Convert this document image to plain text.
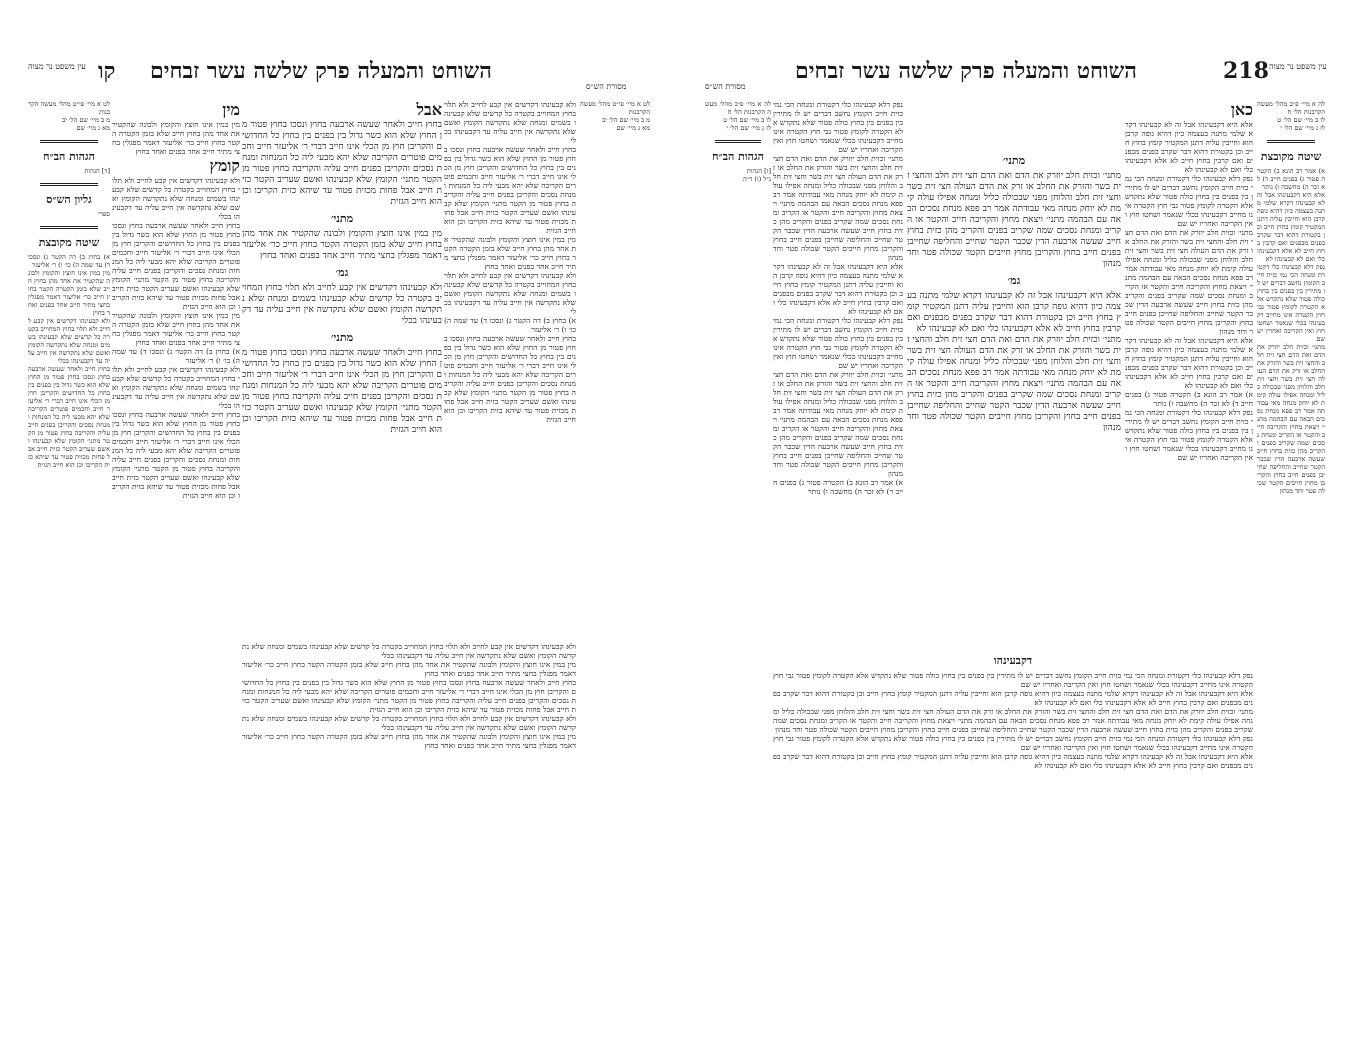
קו השוחט והמעלה פרק שלשה עשר זבחים
עין משפט נר מצוה
מסורת הש״ס
לט א מיי׳ פי״ט מהל׳ מעשה הקרבנות
מ ב מיי׳ שם הל׳ יב
מא ג מיי׳ שם
הגהות הב״ח
[ד] הגהות
גליון הש״ס
ספרי
שיטה מקובצת
א) בחוץ ב) דה הקטר ג) ונסכו ד) עד שמה ה) כו׳ ו) ר׳ אליעזר
מין במין אינו חוצץ והקומץ ולבונה שהקטיר את אחד מהן בחוץ חייב שלא בזמן הקטרה הקטר בחוץ חייב כר׳ אליעזר דאמר מפגלין בחצי מתיר חייב אחד בפנים ואחד בחוץ
ולא קבעינהו דקדשים אין קבע לחייב ולא תלוי בחוץ המחוייב בקטרה כל קדשים שלא קבעינהו בשמים ומנחה שלא נתקדשה הקומץ ואשם שלא נתקדשה אין חייב עליה עד דקבעינהו בכלי
בחוץ חייב ולאחר שעשה ארבעה בחוץ ונסכו בחוץ פטור מן החוץ שלא הוא כשר גדול בין בפנים בין בחוץ כל החדושים והקריבן חוץ מן הכלי אינו חייב דברי ר׳ אליעזר חייב וחכמים פוטרים הקריבה שלא יהא מבעי ליה כל המנחות ומנחת נסכים והקריבן בפנים חייב עליה והקריבה בחוץ פטור מן הקטר מתני׳ הקומץ שלא קבעינהו ואשם שעריב הקטר כזית חייב אבל פחות מכזית פטור עד שיהא כזית הקריבו וכן הוא חייב הגזית
מין
מין במין אינו חוצץ והקומץ ולבונה שהקטיר את אחד מהן בחוץ חייב שלא בזמן הקטרה הקטר בחוץ חייב כר׳ אליעזר דאמר מפגלין בחצי מתיר חייב אחד בפנים ואחד בחוץ
קומץ
ולא קבעינהו דקדשים אין קבע לחייב ולא תלוי בחוץ המחוייב בקטרה כל קדשים שלא קבעינהו בשמים ומנחה שלא נתקדשה הקומץ ואשם שלא נתקדשה אין חייב עליה עד דקבעינהו בכלי
בחוץ חייב ולאחר שעשה ארבעה בחוץ ונסכו בחוץ פטור מן החוץ שלא הוא כשר גדול בין בפנים בין בחוץ כל החדושים והקריבן חוץ מן הכלי אינו חייב דברי ר׳ אליעזר חייב וחכמים פוטרים הקריבה שלא יהא מבעי ליה כל המנחות ומנחת נסכים והקריבן בפנים חייב עליה והקריבה בחוץ פטור מן הקטר מתני׳ הקומץ שלא קבעינהו ואשם שעריב הקטר כזית חייב אבל פחות מכזית פטור עד שיהא כזית הקריבו וכן הוא חייב הגזית
מין במין אינו חוצץ והקומץ ולבונה שהקטיר את אחד מהן בחוץ חייב שלא בזמן הקטרה הקטר בחוץ חייב כר׳ אליעזר דאמר מפגלין בחצי מתיר חייב אחד בפנים ואחד בחוץ
א) בחוץ ב) דה הקטר ג) ונסכו ד) עד שמה ה) כו׳ ו) ר׳ אליעזר
ולא קבעינהו דקדשים אין קבע לחייב ולא תלוי בחוץ המחוייב בקטרה כל קדשים שלא קבעינהו בשמים ומנחה שלא נתקדשה הקומץ ואשם שלא נתקדשה אין חייב עליה עד דקבעינהו בכלי
בחוץ חייב ולאחר שעשה ארבעה בחוץ ונסכו בחוץ פטור מן החוץ שלא הוא כשר גדול בין בפנים בין בחוץ כל החדושים והקריבן חוץ מן הכלי אינו חייב דברי ר׳ אליעזר חייב וחכמים פוטרים הקריבה שלא יהא מבעי ליה כל המנחות ומנחת נסכים והקריבן בפנים חייב עליה והקריבה בחוץ פטור מן הקטר מתני׳ הקומץ שלא קבעינהו ואשם שעריב הקטר כזית חייב אבל פחות מכזית פטור עד שיהא כזית הקריבו וכן הוא חייב הגזית
אבל
בחוץ חייב ולאחר שעשה ארבעה בחוץ ונסכו בחוץ פטור מן החוץ שלא הוא כשר גדול בין בפנים בין בחוץ כל החדושים והקריבן חוץ מן הכלי אינו חייב דברי ר׳ אליעזר חייב וחכמים פוטרים הקריבה שלא יהא מבעי ליה כל המנחות ומנחת נסכים והקריבן בפנים חייב עליה והקריבה בחוץ פטור מן הקטר מתני׳ הקומץ שלא קבעינהו ואשם שעריב הקטר כזית חייב אבל פחות מכזית פטור עד שיהא כזית הקריבו וכן הוא חייב הגזית
מתני׳
מין במין אינו חוצץ והקומץ ולבונה שהקטיר את אחד מהן בחוץ חייב שלא בזמן הקטרה הקטר בחוץ חייב כר׳ אליעזר דאמר מפגלין בחצי מתיר חייב אחד בפנים ואחד בחוץ
גמ׳
ולא קבעינהו דקדשים אין קבע לחייב ולא תלוי בחוץ המחוייב בקטרה כל קדשים שלא קבעינהו בשמים ומנחה שלא נתקדשה הקומץ ואשם שלא נתקדשה אין חייב עליה עד דקבעינהו בכלי
מתני׳
בחוץ חייב ולאחר שעשה ארבעה בחוץ ונסכו בחוץ פטור מן החוץ שלא הוא כשר גדול בין בפנים בין בחוץ כל החדושים והקריבן חוץ מן הכלי אינו חייב דברי ר׳ אליעזר חייב וחכמים פוטרים הקריבה שלא יהא מבעי ליה כל המנחות ומנחת נסכים והקריבן בפנים חייב עליה והקריבה בחוץ פטור מן הקטר מתני׳ הקומץ שלא קבעינהו ואשם שעריב הקטר כזית חייב אבל פחות מכזית פטור עד שיהא כזית הקריבו וכן הוא חייב הגזית
ולא קבעינהו דקדשים אין קבע לחייב ולא תלוי בחוץ המחוייב בקטרה כל קדשים שלא קבעינהו בשמים ומנחה שלא נתקדשה הקומץ ואשם שלא נתקדשה אין חייב עליה עד דקבעינהו בכלי
בחוץ חייב ולאחר שעשה ארבעה בחוץ ונסכו בחוץ פטור מן החוץ שלא הוא כשר גדול בין בפנים בין בחוץ כל החדושים והקריבן חוץ מן הכלי אינו חייב דברי ר׳ אליעזר חייב וחכמים פוטרים הקריבה שלא יהא מבעי ליה כל המנחות ומנחת נסכים והקריבן בפנים חייב עליה והקריבה בחוץ פטור מן הקטר מתני׳ הקומץ שלא קבעינהו ואשם שעריב הקטר כזית חייב אבל פחות מכזית פטור עד שיהא כזית הקריבו וכן הוא חייב הגזית
מין במין אינו חוצץ והקומץ ולבונה שהקטיר את אחד מהן בחוץ חייב שלא בזמן הקטרה הקטר בחוץ חייב כר׳ אליעזר דאמר מפגלין בחצי מתיר חייב אחד בפנים ואחד בחוץ
ולא קבעינהו דקדשים אין קבע לחייב ולא תלוי בחוץ המחוייב בקטרה כל קדשים שלא קבעינהו בשמים ומנחה שלא נתקדשה הקומץ ואשם שלא נתקדשה אין חייב עליה עד דקבעינהו בכלי
א) בחוץ ב) דה הקטר ג) ונסכו ד) עד שמה ה) כו׳ ו) ר׳ אליעזר
בחוץ חייב ולאחר שעשה ארבעה בחוץ ונסכו בחוץ פטור מן החוץ שלא הוא כשר גדול בין בפנים בין בחוץ כל החדושים והקריבן חוץ מן הכלי אינו חייב דברי ר׳ אליעזר חייב וחכמים פוטרים הקריבה שלא יהא מבעי ליה כל המנחות ומנחת נסכים והקריבן בפנים חייב עליה והקריבה בחוץ פטור מן הקטר מתני׳ הקומץ שלא קבעינהו ואשם שעריב הקטר כזית חייב אבל פחות מכזית פטור עד שיהא כזית הקריבו וכן הוא חייב הגזית
ולא קבעינהו דקדשים אין קבע לחייב ולא תלוי בחוץ המחוייב בקטרה כל קדשים שלא קבעינהו בשמים ומנחה שלא נתקדשה הקומץ ואשם שלא נתקדשה אין חייב עליה עד דקבעינהו בכלי
מין במין אינו חוצץ והקומץ ולבונה שהקטיר את אחד מהן בחוץ חייב שלא בזמן הקטרה הקטר בחוץ חייב כר׳ אליעזר דאמר מפגלין בחצי מתיר חייב אחד בפנים ואחד בחוץ
בחוץ חייב ולאחר שעשה ארבעה בחוץ ונסכו בחוץ פטור מן החוץ שלא הוא כשר גדול בין בפנים בין בחוץ כל החדושים והקריבן חוץ מן הכלי אינו חייב דברי ר׳ אליעזר חייב וחכמים פוטרים הקריבה שלא יהא מבעי ליה כל המנחות ומנחת נסכים והקריבן בפנים חייב עליה והקריבה בחוץ פטור מן הקטר מתני׳ הקומץ שלא קבעינהו ואשם שעריב הקטר כזית חייב אבל פחות מכזית פטור עד שיהא כזית הקריבו וכן הוא חייב הגזית
ולא קבעינהו דקדשים אין קבע לחייב ולא תלוי בחוץ המחוייב בקטרה כל קדשים שלא קבעינהו בשמים ומנחה שלא נתקדשה הקומץ ואשם שלא נתקדשה אין חייב עליה עד דקבעינהו בכלי
מין במין אינו חוצץ והקומץ ולבונה שהקטיר את אחד מהן בחוץ חייב שלא בזמן הקטרה הקטר בחוץ חייב כר׳ אליעזר דאמר מפגלין בחצי מתיר חייב אחד בפנים ואחד בחוץ
לט א מיי׳ פי״ט מהל׳ מעשה הקרבנות
מ ב מיי׳ שם הל׳ יב
מא ג מיי׳ שם
מסורת הש״ס
השוחט והמעלה פרק שלשה עשר זבחים	218 עין משפט נר מצוה
לה א מיי׳ פ״ב מהל׳ מעשה הקרבנות הל׳ ח
לו ב מיי׳ שם הל׳ ט
לז ג מיי׳ שם הל׳ י
הגהות הב״ח
[ז] הגהות
נ״ל (ז) ד״ה
נפק דלא קבעינהו כלי דקטורת ומנחה הכי נמי כזית חייב הקומץ נחשב דברים יש לו מתירין בין בפנים בין בחוץ כולה פטור שלא נתקדש אלא הקטרה לקומץ פטור גבי חוץ הקטרה אינו מחייב דקבעינהו בכלי שנאמר ושחטו חוץ ואין הקריבה ואחריו יש שם
מתני׳ וכזית חלב יוזרק את הדם ואת הדם חצי זית חלב והחצי זית בשר והזרק את החלב או זרק את הדם העולה חצי זית בשר וחצי זית חלב והלוחן מפני שבכולה כליל ומנחה אפילו עולה קימת לא יוחק מנחה מאי עבודתה אמר רב פפא מנחת נסכים הבאה עם הבהמה מתני׳ ויצאת מחוץ והקריבה חייב והקטר או הקריב ומנחת נסכים שמה שקריב בפנים והקריב מהן כזית בחוץ חייב שעשה ארבעה הדין שכבר הקטר שחייב והחליפה שחייבן בפנים חייב בחוץ והקריבן מחוץ חייבים הקטר שכולה פטר וחד מנהון
אלא היא דקבעינהו אבל זה לא קבעינהו דקרא שלמי מתנה בעצמה כיון דהיא גופה קרבן הוא וחייבין עליה דתנן המקטיר קומץ בחוץ חייב וכן בקטורת דהוא דבר שקרב בפנים מבפנים ואם קרבין בחוץ חייב לא אלא דקבעינהו כלי ואם לא קבעינהו לא
נפק דלא קבעינהו כלי דקטורת ומנחה הכי נמי כזית חייב הקומץ נחשב דברים יש לו מתירין בין בפנים בין בחוץ כולה פטור שלא נתקדש אלא הקטרה לקומץ פטור גבי חוץ הקטרה אינו מחייב דקבעינהו בכלי שנאמר ושחטו חוץ ואין הקריבה ואחריו יש שם
מתני׳ וכזית חלב יוזרק את הדם ואת הדם חצי זית חלב והחצי זית בשר והזרק את החלב או זרק את הדם העולה חצי זית בשר וחצי זית חלב והלוחן מפני שבכולה כליל ומנחה אפילו עולה קימת לא יוחק מנחה מאי עבודתה אמר רב פפא מנחת נסכים הבאה עם הבהמה מתני׳ ויצאת מחוץ והקריבה חייב והקטר או הקריב ומנחת נסכים שמה שקריב בפנים והקריב מהן כזית בחוץ חייב שעשה ארבעה הדין שכבר הקטר שחייב והחליפה שחייבן בפנים חייב בחוץ והקריבן מחוץ חייבים הקטר שכולה פטר וחד מנהון
א) אמר רב הונא ב) הקטרה פטור ג) בפנים חייב ד) לא זכר ה) מחשבה ו) נותר
מתני׳
מתני׳ וכזית חלב יוזרק את הדם ואת הדם חצי זית חלב והחצי זית בשר והזרק את החלב או זרק את הדם העולה חצי זית בשר וחצי זית חלב והלוחן מפני שבכולה כליל ומנחה אפילו עולה קימת לא יוחק מנחה מאי עבודתה אמר רב פפא מנחת נסכים הבאה עם הבהמה מתני׳ ויצאת מחוץ והקריבה חייב והקטר או הקריב ומנחת נסכים שמה שקריב בפנים והקריב מהן כזית בחוץ חייב שעשה ארבעה הדין שכבר הקטר שחייב והחליפה שחייבן בפנים חייב בחוץ והקריבן מחוץ חייבים הקטר שכולה פטר וחד מנהון
גמ׳
אלא היא דקבעינהו אבל זה לא קבעינהו דקרא שלמי מתנה בעצמה כיון דהיא גופה קרבן הוא וחייבין עליה דתנן המקטיר קומץ בחוץ חייב וכן בקטורת דהוא דבר שקרב בפנים מבפנים ואם קרבין בחוץ חייב לא אלא דקבעינהו כלי ואם לא קבעינהו לא
מתני׳ וכזית חלב יוזרק את הדם ואת הדם חצי זית חלב והחצי זית בשר והזרק את החלב או זרק את הדם העולה חצי זית בשר וחצי זית חלב והלוחן מפני שבכולה כליל ומנחה אפילו עולה קימת לא יוחק מנחה מאי עבודתה אמר רב פפא מנחת נסכים הבאה עם הבהמה מתני׳ ויצאת מחוץ והקריבה חייב והקטר או הקריב ומנחת נסכים שמה שקריב בפנים והקריב מהן כזית בחוץ חייב שעשה ארבעה הדין שכבר הקטר שחייב והחליפה שחייבן בפנים חייב בחוץ והקריבן מחוץ חייבים הקטר שכולה פטר וחד מנהון
כאן
אלא היא דקבעינהו אבל זה לא קבעינהו דקרא שלמי מתנה בעצמה כיון דהיא גופה קרבן הוא וחייבין עליה דתנן המקטיר קומץ בחוץ חייב וכן בקטורת דהוא דבר שקרב בפנים מבפנים ואם קרבין בחוץ חייב לא אלא דקבעינהו כלי ואם לא קבעינהו לא
נפק דלא קבעינהו כלי דקטורת ומנחה הכי נמי כזית חייב הקומץ נחשב דברים יש לו מתירין בין בפנים בין בחוץ כולה פטור שלא נתקדש אלא הקטרה לקומץ פטור גבי חוץ הקטרה אינו מחייב דקבעינהו בכלי שנאמר ושחטו חוץ ואין הקריבה ואחריו יש שם
מתני׳ וכזית חלב יוזרק את הדם ואת הדם חצי זית חלב והחצי זית בשר והזרק את החלב או זרק את הדם העולה חצי זית בשר וחצי זית חלב והלוחן מפני שבכולה כליל ומנחה אפילו עולה קימת לא יוחק מנחה מאי עבודתה אמר רב פפא מנחת נסכים הבאה עם הבהמה מתני׳ ויצאת מחוץ והקריבה חייב והקטר או הקריב ומנחת נסכים שמה שקריב בפנים והקריב מהן כזית בחוץ חייב שעשה ארבעה הדין שכבר הקטר שחייב והחליפה שחייבן בפנים חייב בחוץ והקריבן מחוץ חייבים הקטר שכולה פטר וחד מנהון
אלא היא דקבעינהו אבל זה לא קבעינהו דקרא שלמי מתנה בעצמה כיון דהיא גופה קרבן הוא וחייבין עליה דתנן המקטיר קומץ בחוץ חייב וכן בקטורת דהוא דבר שקרב בפנים מבפנים ואם קרבין בחוץ חייב לא אלא דקבעינהו כלי ואם לא קבעינהו לא
א) אמר רב הונא ב) הקטרה פטור ג) בפנים חייב ד) לא זכר ה) מחשבה ו) נותר
נפק דלא קבעינהו כלי דקטורת ומנחה הכי נמי כזית חייב הקומץ נחשב דברים יש לו מתירין בין בפנים בין בחוץ כולה פטור שלא נתקדש אלא הקטרה לקומץ פטור גבי חוץ הקטרה אינו מחייב דקבעינהו בכלי שנאמר ושחטו חוץ ואין הקריבה ואחריו יש שם
דקבעינהו
נפק דלא קבעינהו כלי דקטורת ומנחה הכי נמי כזית חייב הקומץ נחשב דברים יש לו מתירין בין בפנים בין בחוץ כולה פטור שלא נתקדש אלא הקטרה לקומץ פטור גבי חוץ הקטרה אינו מחייב דקבעינהו בכלי שנאמר ושחטו חוץ ואין הקריבה ואחריו יש שם
אלא היא דקבעינהו אבל זה לא קבעינהו דקרא שלמי מתנה בעצמה כיון דהיא גופה קרבן הוא וחייבין עליה דתנן המקטיר קומץ בחוץ חייב וכן בקטורת דהוא דבר שקרב בפנים מבפנים ואם קרבין בחוץ חייב לא אלא דקבעינהו כלי ואם לא קבעינהו לא
מתני׳ וכזית חלב יוזרק את הדם ואת הדם חצי זית חלב והחצי זית בשר והזרק את החלב או זרק את הדם העולה חצי זית בשר וחצי זית חלב והלוחן מפני שבכולה כליל ומנחה אפילו עולה קימת לא יוחק מנחה מאי עבודתה אמר רב פפא מנחת נסכים הבאה עם הבהמה מתני׳ ויצאת מחוץ והקריבה חייב והקטר או הקריב ומנחת נסכים שמה שקריב בפנים והקריב מהן כזית בחוץ חייב שעשה ארבעה הדין שכבר הקטר שחייב והחליפה שחייבן בפנים חייב בחוץ והקריבן מחוץ חייבים הקטר שכולה פטר וחד מנהון
נפק דלא קבעינהו כלי דקטורת ומנחה הכי נמי כזית חייב הקומץ נחשב דברים יש לו מתירין בין בפנים בין בחוץ כולה פטור שלא נתקדש אלא הקטרה לקומץ פטור גבי חוץ הקטרה אינו מחייב דקבעינהו בכלי שנאמר ושחטו חוץ ואין הקריבה ואחריו יש שם
אלא היא דקבעינהו אבל זה לא קבעינהו דקרא שלמי מתנה בעצמה כיון דהיא גופה קרבן הוא וחייבין עליה דתנן המקטיר קומץ בחוץ חייב וכן בקטורת דהוא דבר שקרב בפנים מבפנים ואם קרבין בחוץ חייב לא אלא דקבעינהו כלי ואם לא קבעינהו לא
לה א מיי׳ פ״ב מהל׳ מעשה הקרבנות הל׳ ח
לו ב מיי׳ שם הל׳ ט
לז ג מיי׳ שם הל׳ י
שיטה מקובצת
א) אמר רב הונא ב) הקטרה פטור ג) בפנים חייב ד) לא זכר ה) מחשבה ו) נותר
אלא היא דקבעינהו אבל זה לא קבעינהו דקרא שלמי מתנה בעצמה כיון דהיא גופה קרבן הוא וחייבין עליה דתנן המקטיר קומץ בחוץ חייב וכן בקטורת דהוא דבר שקרב בפנים מבפנים ואם קרבין בחוץ חייב לא אלא דקבעינהו כלי ואם לא קבעינהו לא
נפק דלא קבעינהו כלי דקטורת ומנחה הכי נמי כזית חייב הקומץ נחשב דברים יש לו מתירין בין בפנים בין בחוץ כולה פטור שלא נתקדש אלא הקטרה לקומץ פטור גבי חוץ הקטרה אינו מחייב דקבעינהו בכלי שנאמר ושחטו חוץ ואין הקריבה ואחריו יש שם
מתני׳ וכזית חלב יוזרק את הדם ואת הדם חצי זית חלב והחצי זית בשר והזרק את החלב או זרק את הדם העולה חצי זית בשר וחצי זית חלב והלוחן מפני שבכולה כליל ומנחה אפילו עולה קימת לא יוחק מנחה מאי עבודתה אמר רב פפא מנחת נסכים הבאה עם הבהמה מתני׳ ויצאת מחוץ והקריבה חייב והקטר או הקריב ומנחת נסכים שמה שקריב בפנים והקריב מהן כזית בחוץ חייב שעשה ארבעה הדין שכבר הקטר שחייב והחליפה שחייבן בפנים חייב בחוץ והקריבן מחוץ חייבים הקטר שכולה פטר וחד מנהון
